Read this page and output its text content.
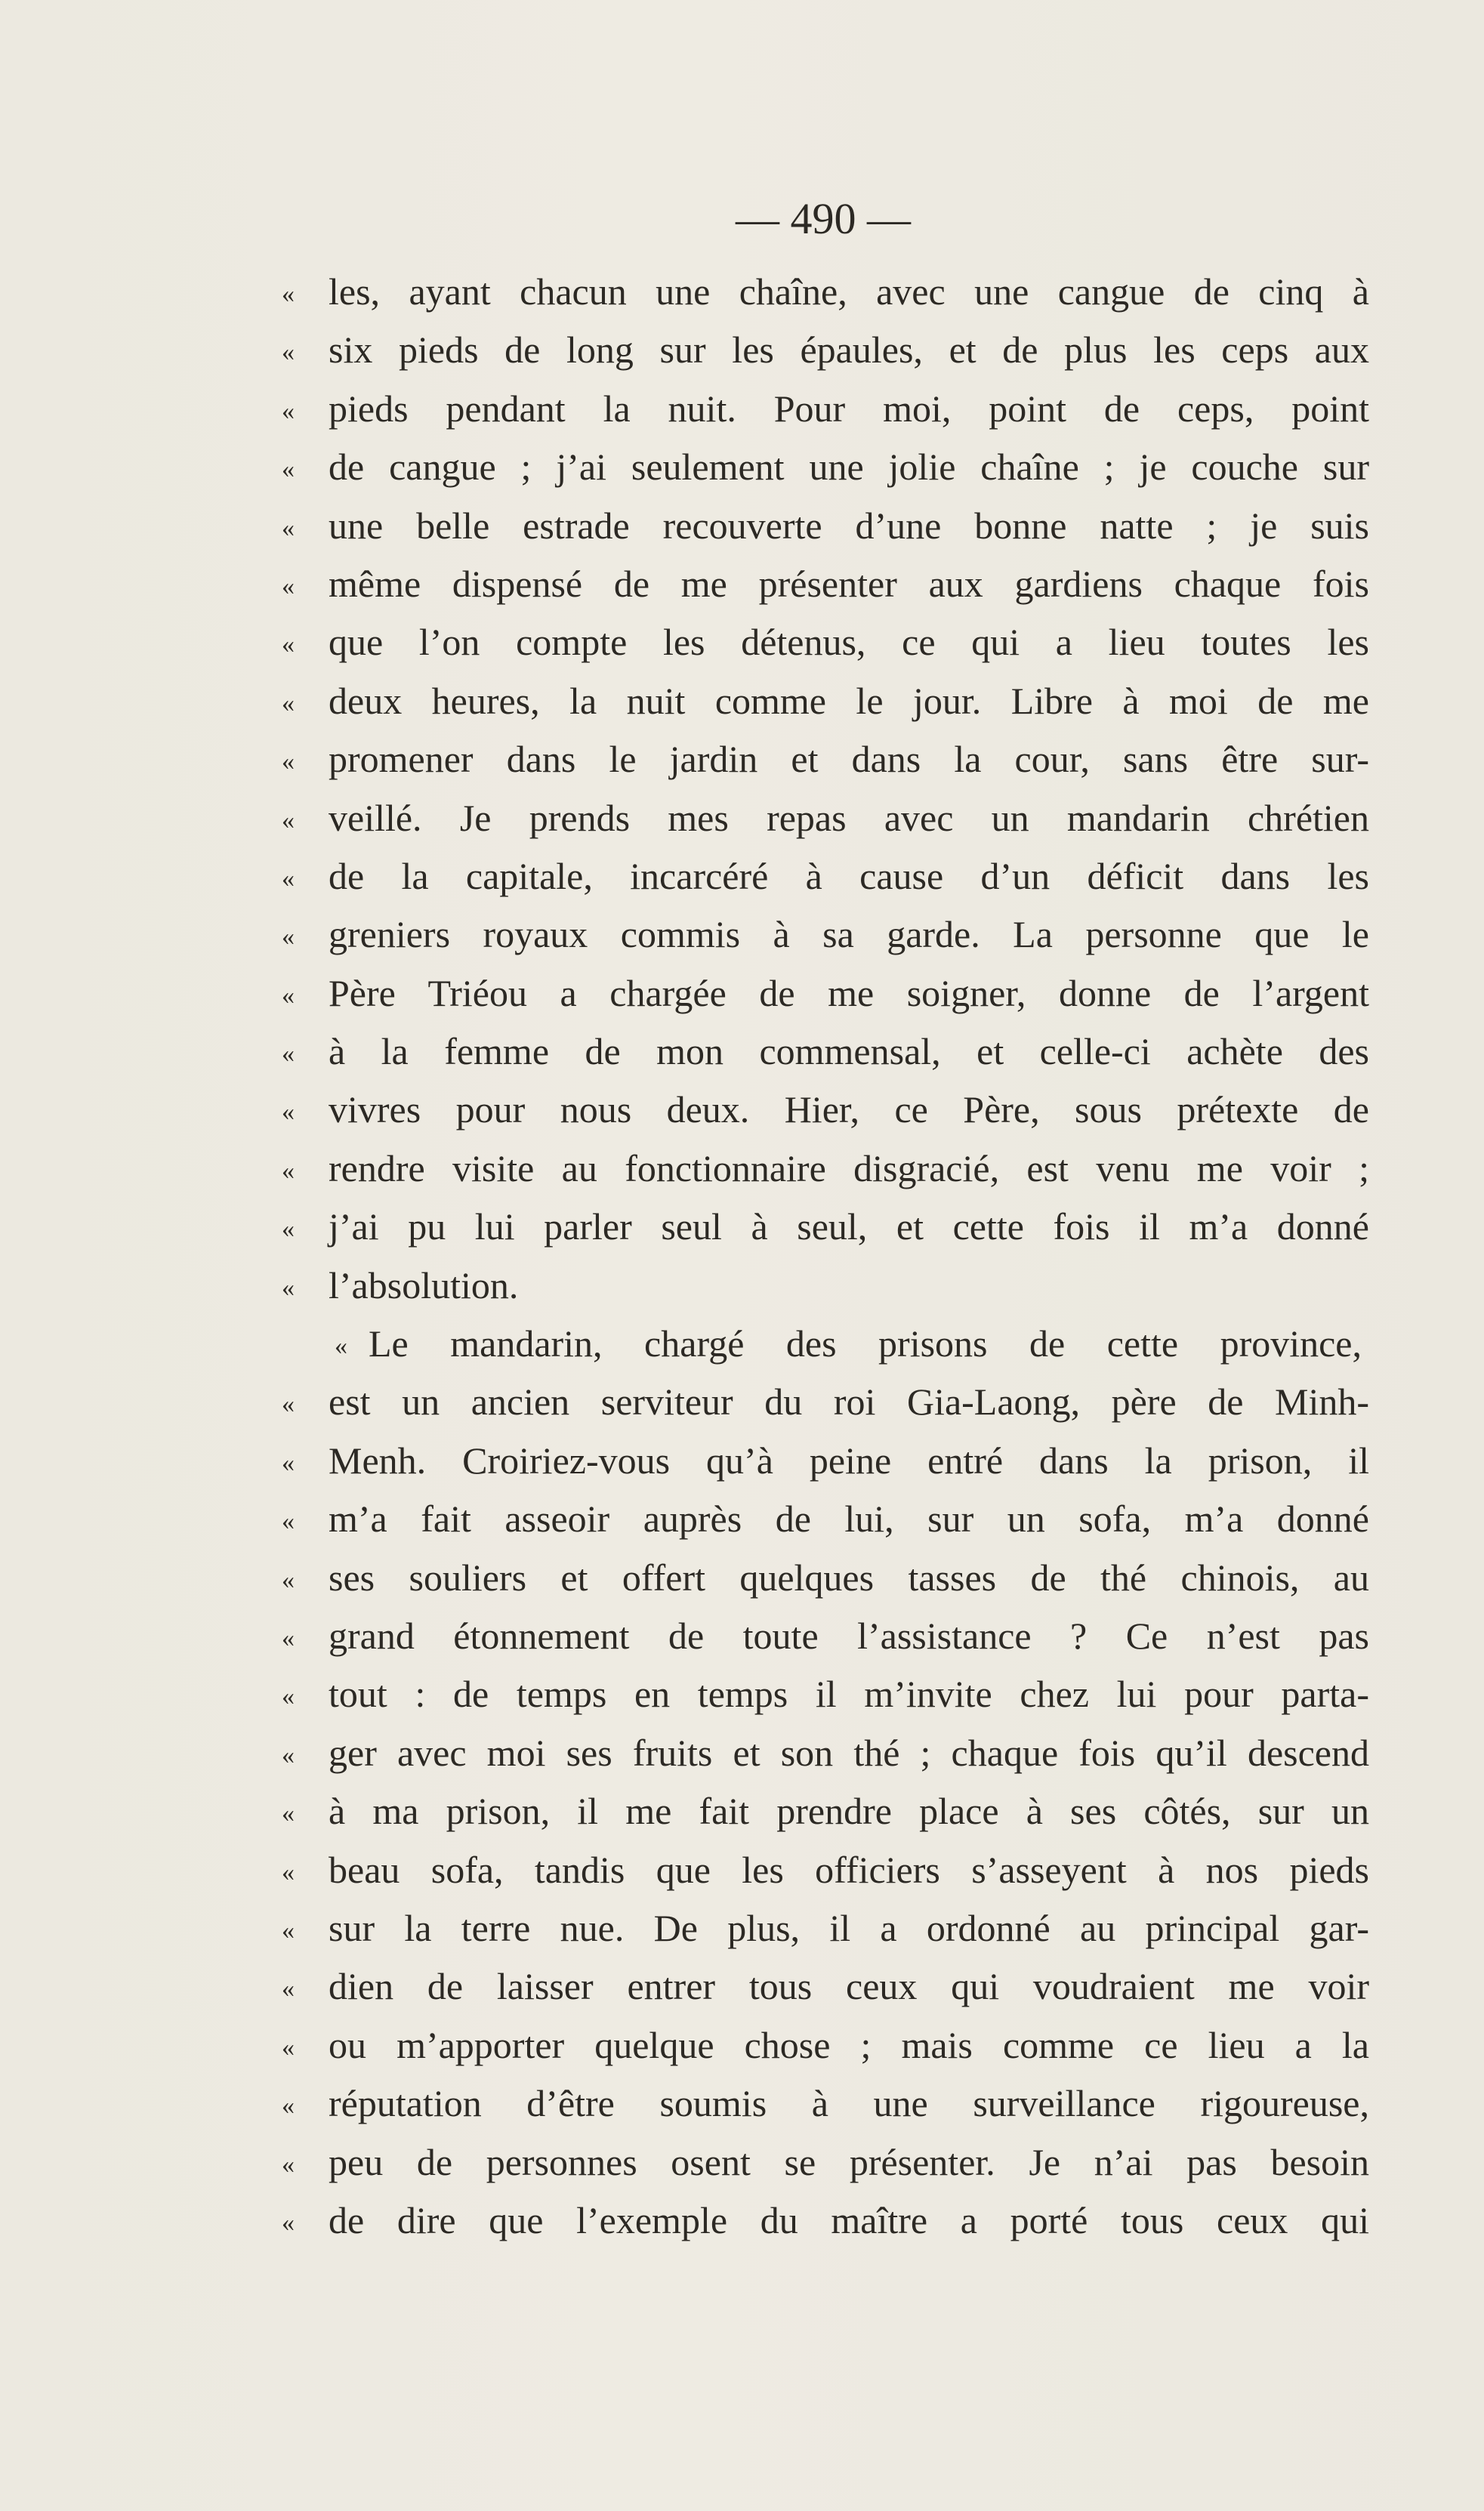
— 490 —
« les, ayant chacun une chaîne, avec une cangue de cinq à
« six pieds de long sur les épaules, et de plus les ceps aux
« pieds pendant la nuit. Pour moi, point de ceps, point
« de cangue ; j’ai seulement une jolie chaîne ; je couche sur
« une belle estrade recouverte d’une bonne natte ; je suis
« même dispensé de me présenter aux gardiens chaque fois
« que l’on compte les détenus, ce qui a lieu toutes les
« deux heures, la nuit comme le jour. Libre à moi de me
« promener dans le jardin et dans la cour, sans être sur-
« veillé. Je prends mes repas avec un mandarin chrétien
« de la capitale, incarcéré à cause d’un déficit dans les
« greniers royaux commis à sa garde. La personne que le
« Père Triéou a chargée de me soigner, donne de l’argent
« à la femme de mon commensal, et celle-ci achète des
« vivres pour nous deux. Hier, ce Père, sous prétexte de
« rendre visite au fonctionnaire disgracié, est venu me voir ;
« j’ai pu lui parler seul à seul, et cette fois il m’a donné
« l’absolution.
« Le mandarin, chargé des prisons de cette province,
« est un ancien serviteur du roi Gia-Laong, père de Minh-
« Menh. Croiriez-vous qu’à peine entré dans la prison, il
« m’a fait asseoir auprès de lui, sur un sofa, m’a donné
« ses souliers et offert quelques tasses de thé chinois, au
« grand étonnement de toute l’assistance ? Ce n’est pas
« tout : de temps en temps il m’invite chez lui pour parta-
« ger avec moi ses fruits et son thé ; chaque fois qu’il descend
« à ma prison, il me fait prendre place à ses côtés, sur un
« beau sofa, tandis que les officiers s’asseyent à nos pieds
« sur la terre nue. De plus, il a ordonné au principal gar-
« dien de laisser entrer tous ceux qui voudraient me voir
« ou m’apporter quelque chose ; mais comme ce lieu a la
« réputation d’être soumis à une surveillance rigoureuse,
« peu de personnes osent se présenter. Je n’ai pas besoin
« de dire que l’exemple du maître a porté tous ceux qui
